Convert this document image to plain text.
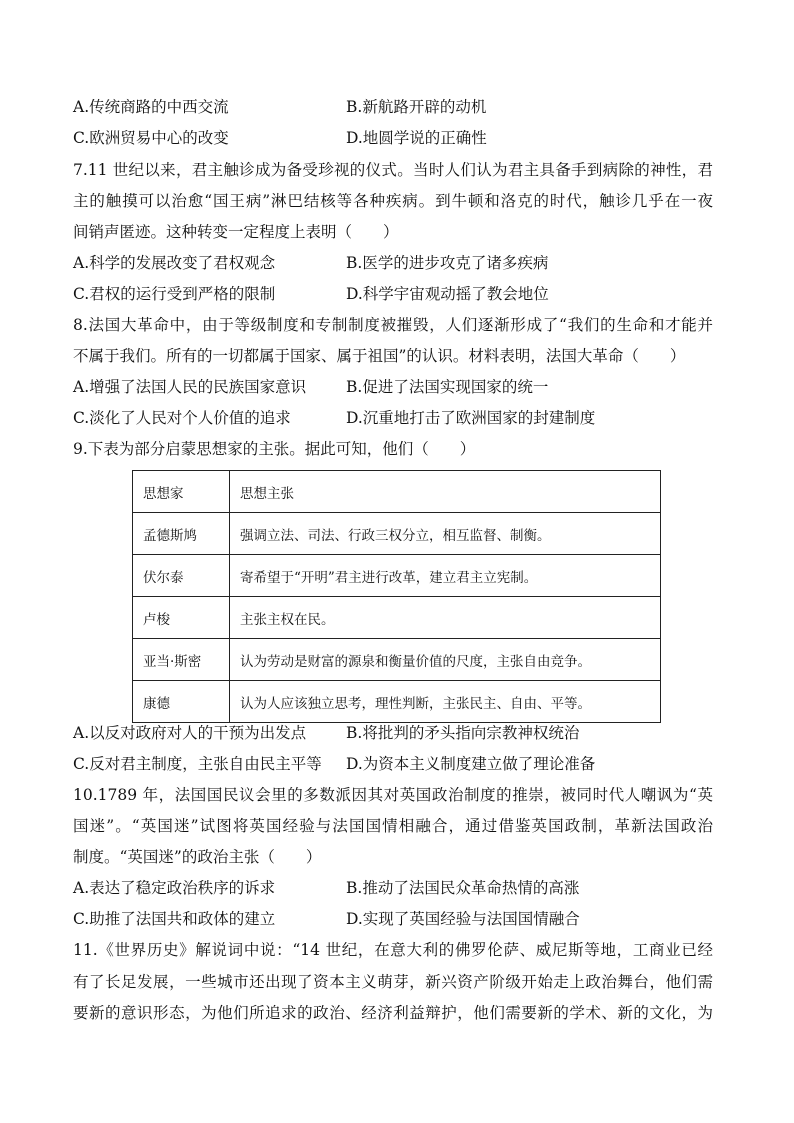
A.传统商路的中西交流	B.新航路开辟的动机
C.欧洲贸易中心的改变	D.地圆学说的正确性
7.11 世纪以来，君主触诊成为备受珍视的仪式。当时人们认为君主具备手到病除的神性，君
主的触摸可以治愈“国王病”淋巴结核等各种疾病。到牛顿和洛克的时代，触诊几乎在一夜
间销声匿迹。这种转变一定程度上表明（　　）
A.科学的发展改变了君权观念	B.医学的进步攻克了诸多疾病
C.君权的运行受到严格的限制	D.科学宇宙观动摇了教会地位
8.法国大革命中，由于等级制度和专制制度被摧毁，人们逐渐形成了“我们的生命和才能并
不属于我们。所有的一切都属于国家、属于祖国”的认识。材料表明，法国大革命（　　）
A.增强了法国人民的民族国家意识	B.促进了法国实现国家的统一
C.淡化了人民对个人价值的追求	D.沉重地打击了欧洲国家的封建制度
9.下表为部分启蒙思想家的主张。据此可知，他们（　　）
思想家	思想主张
孟德斯鸠	强调立法、司法、行政三权分立，相互监督、制衡。
伏尔泰	寄希望于“开明”君主进行改革，建立君主立宪制。
卢梭	主张主权在民。
亚当·斯密	认为劳动是财富的源泉和衡量价值的尺度，主张自由竞争。
康德	认为人应该独立思考，理性判断，主张民主、自由、平等。
A.以反对政府对人的干预为出发点	B.将批判的矛头指向宗教神权统治
C.反对君主制度，主张自由民主平等 D.为资本主义制度建立做了理论准备
10.1789 年，法国国民议会里的多数派因其对英国政治制度的推崇，被同时代人嘲讽为“英
国迷”。“英国迷”试图将英国经验与法国国情相融合，通过借鉴英国政制，革新法国政治
制度。“英国迷”的政治主张（　　）
A.表达了稳定政治秩序的诉求	B.推动了法国民众革命热情的高涨
C.助推了法国共和政体的建立	D.实现了英国经验与法国国情融合
11.《世界历史》解说词中说：“14 世纪，在意大利的佛罗伦萨、威尼斯等地，工商业已经
有了长足发展，一些城市还出现了资本主义萌芽，新兴资产阶级开始走上政治舞台，他们需
要新的意识形态，为他们所追求的政治、经济利益辩护，他们需要新的学术、新的文化，为
